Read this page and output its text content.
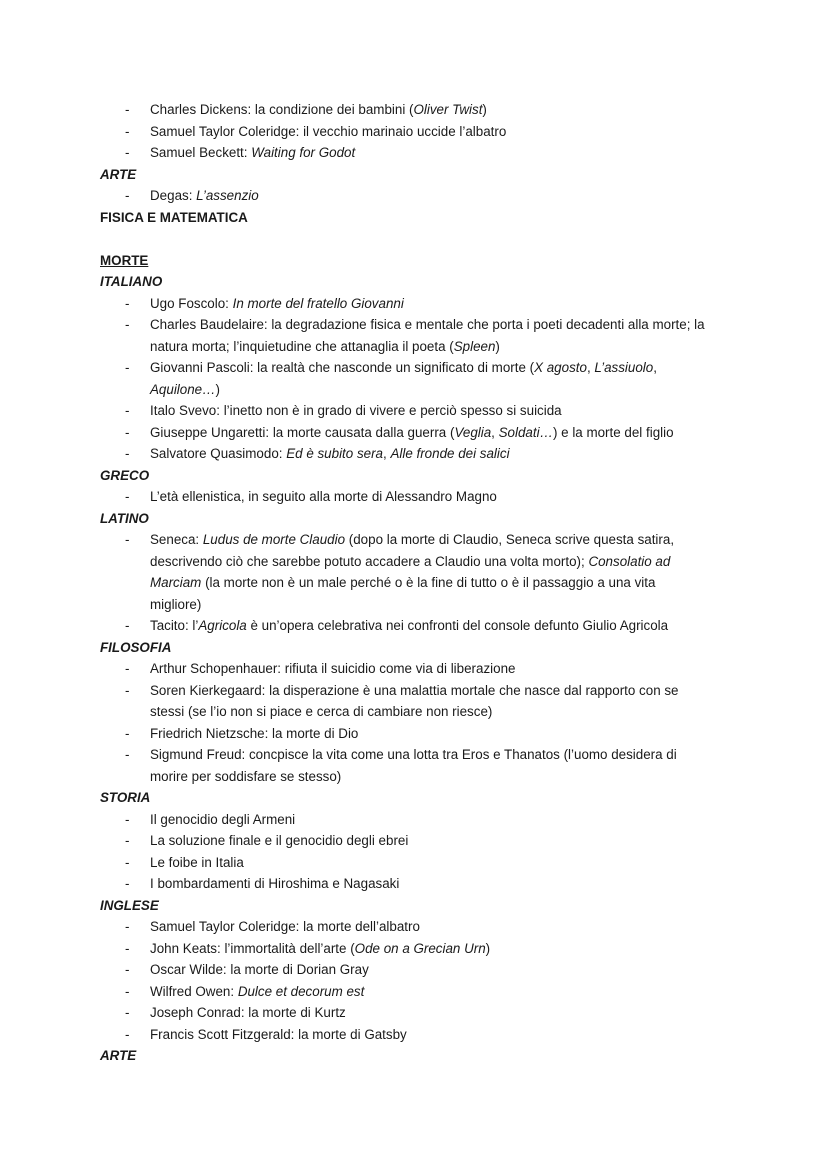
-	Charles Dickens: la condizione dei bambini (Oliver Twist)
-	Samuel Taylor Coleridge: il vecchio marinaio uccide l’albatro
-	Samuel Beckett: Waiting for Godot
ARTE
-	Degas: L’assenzio
FISICA E MATEMATICA
MORTE
ITALIANO
-	Ugo Foscolo: In morte del fratello Giovanni
-	Charles Baudelaire: la degradazione fisica e mentale che porta i poeti decadenti alla morte; la
natura morta; l’inquietudine che attanaglia il poeta (Spleen)
-	Giovanni Pascoli: la realtà che nasconde un significato di morte (X agosto, L’assiuolo,
Aquilone…)
-	Italo Svevo: l’inetto non è in grado di vivere e perciò spesso si suicida
-	Giuseppe Ungaretti: la morte causata dalla guerra (Veglia, Soldati…) e la morte del figlio
-	Salvatore Quasimodo: Ed è subito sera, Alle fronde dei salici
GRECO
-	L’età ellenistica, in seguito alla morte di Alessandro Magno
LATINO
-	Seneca: Ludus de morte Claudio (dopo la morte di Claudio, Seneca scrive questa satira,
descrivendo ciò che sarebbe potuto accadere a Claudio una volta morto); Consolatio ad
Marciam (la morte non è un male perché o è la fine di tutto o è il passaggio a una vita
migliore)
-	Tacito: l’Agricola è un’opera celebrativa nei confronti del console defunto Giulio Agricola
FILOSOFIA
-	Arthur Schopenhauer: rifiuta il suicidio come via di liberazione
-	Soren Kierkegaard: la disperazione è una malattia mortale che nasce dal rapporto con se
stessi (se l’io non si piace e cerca di cambiare non riesce)
-	Friedrich Nietzsche: la morte di Dio
-	Sigmund Freud: concpisce la vita come una lotta tra Eros e Thanatos (l’uomo desidera di
morire per soddisfare se stesso)
STORIA
-	Il genocidio degli Armeni
-	La soluzione finale e il genocidio degli ebrei
-	Le foibe in Italia
-	I bombardamenti di Hiroshima e Nagasaki
INGLESE
-	Samuel Taylor Coleridge: la morte dell’albatro
-	John Keats: l’immortalità dell’arte (Ode on a Grecian Urn)
-	Oscar Wilde: la morte di Dorian Gray
-	Wilfred Owen: Dulce et decorum est
-	Joseph Conrad: la morte di Kurtz
-	Francis Scott Fitzgerald: la morte di Gatsby
ARTE
